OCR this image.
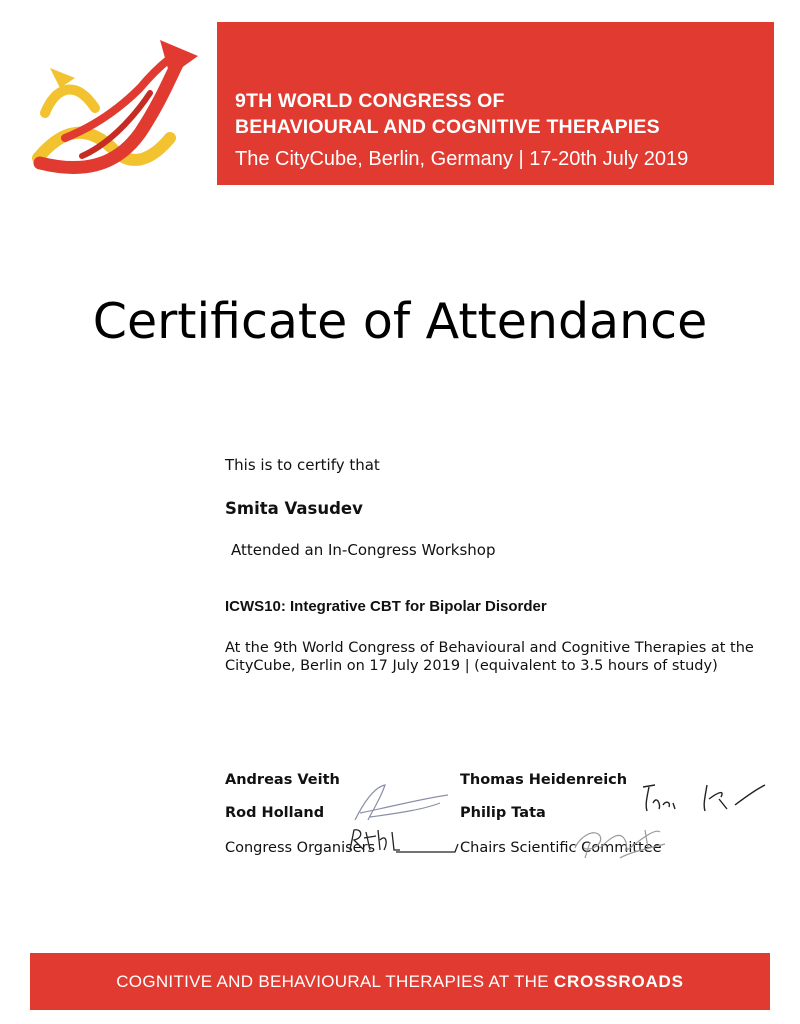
9TH WORLD CONGRESS OF
BEHAVIOURAL AND COGNITIVE THERAPIES
The CityCube, Berlin, Germany | 17-20th July 2019
Certificate of Attendance
This is to certify that
Smita Vasudev
Attended an In-Congress Workshop
ICWS10: Integrative CBT for Bipolar Disorder
At the 9th World Congress of Behavioural and Cognitive Therapies at the
CityCube, Berlin on 17 July 2019 | (equivalent to 3.5 hours of study)
Andreas Veith
Rod Holland
Congress Organisers
Thomas Heidenreich
Philip Tata
Chairs Scientific Committee
COGNITIVE AND BEHAVIOURAL THERAPIES AT THE CROSSROADS
